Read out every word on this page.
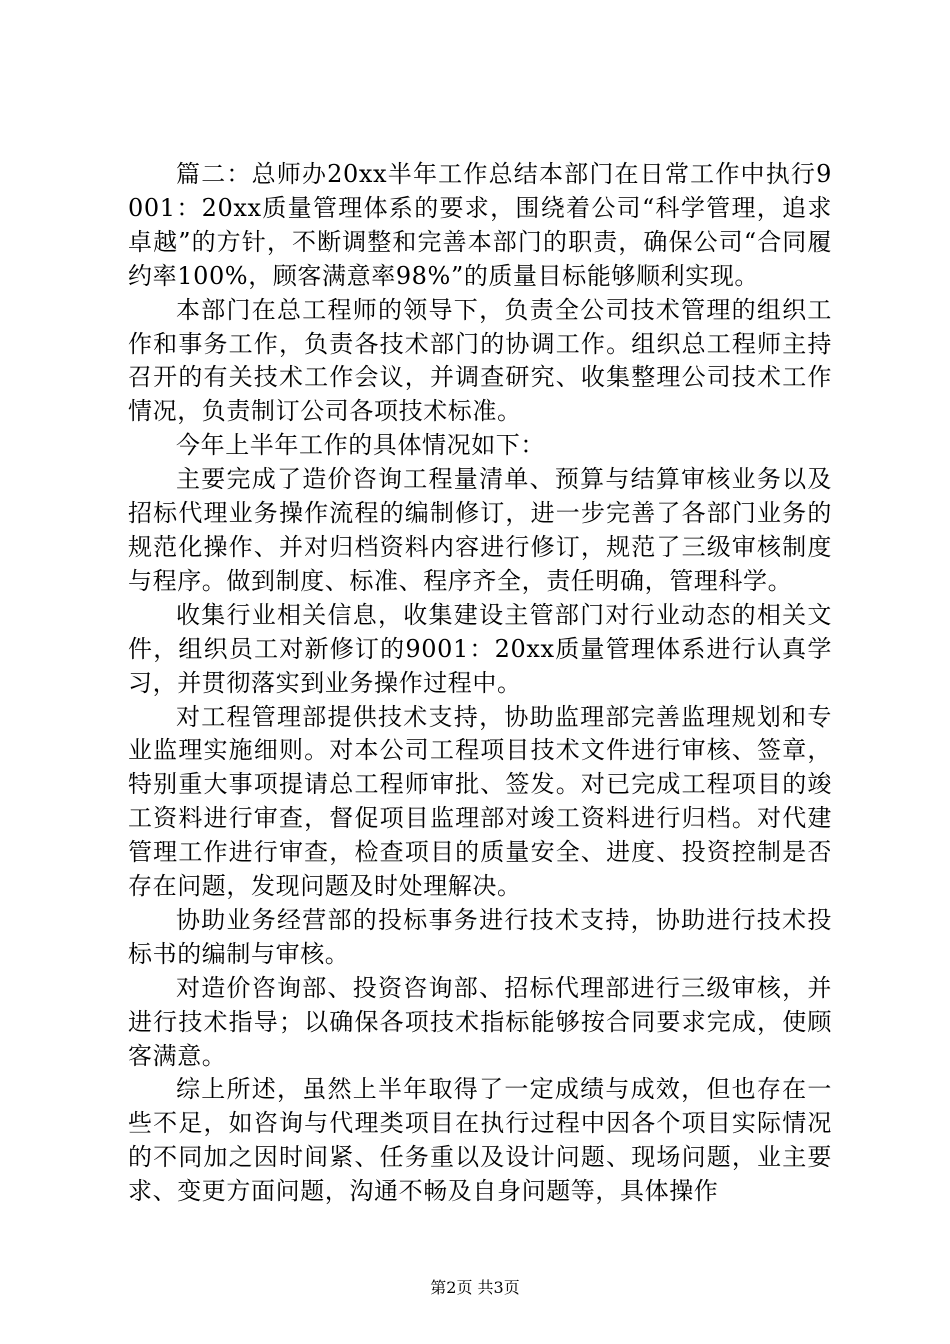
篇二：总师办20xx半年工作总结本部门在日常工作中执行9001：20xx质量管理体系的要求，围绕着公司“科学管理，追求卓越”的方针，不断调整和完善本部门的职责，确保公司“合同履约率100%，顾客满意率98%”的质量目标能够顺利实现。

本部门在总工程师的领导下，负责全公司技术管理的组织工作和事务工作，负责各技术部门的协调工作。组织总工程师主持召开的有关技术工作会议，并调查研究、收集整理公司技术工作情况，负责制订公司各项技术标准。

今年上半年工作的具体情况如下：

主要完成了造价咨询工程量清单、预算与结算审核业务以及招标代理业务操作流程的编制修订，进一步完善了各部门业务的规范化操作、并对归档资料内容进行修订，规范了三级审核制度与程序。做到制度、标准、程序齐全，责任明确，管理科学。

收集行业相关信息，收集建设主管部门对行业动态的相关文件，组织员工对新修订的9001：20xx质量管理体系进行认真学习，并贯彻落实到业务操作过程中。

对工程管理部提供技术支持，协助监理部完善监理规划和专业监理实施细则。对本公司工程项目技术文件进行审核、签章，特别重大事项提请总工程师审批、签发。对已完成工程项目的竣工资料进行审查，督促项目监理部对竣工资料进行归档。对代建管理工作进行审查，检查项目的质量安全、进度、投资控制是否存在问题，发现问题及时处理解决。

协助业务经营部的投标事务进行技术支持，协助进行技术投标书的编制与审核。

对造价咨询部、投资咨询部、招标代理部进行三级审核，并进行技术指导；以确保各项技术指标能够按合同要求完成，使顾客满意。

综上所述，虽然上半年取得了一定成绩与成效，但也存在一些不足，如咨询与代理类项目在执行过程中因各个项目实际情况的不同加之因时间紧、任务重以及设计问题、现场问题，业主要求、变更方面问题，沟通不畅及自身问题等，具体操作

第2页 共3页
